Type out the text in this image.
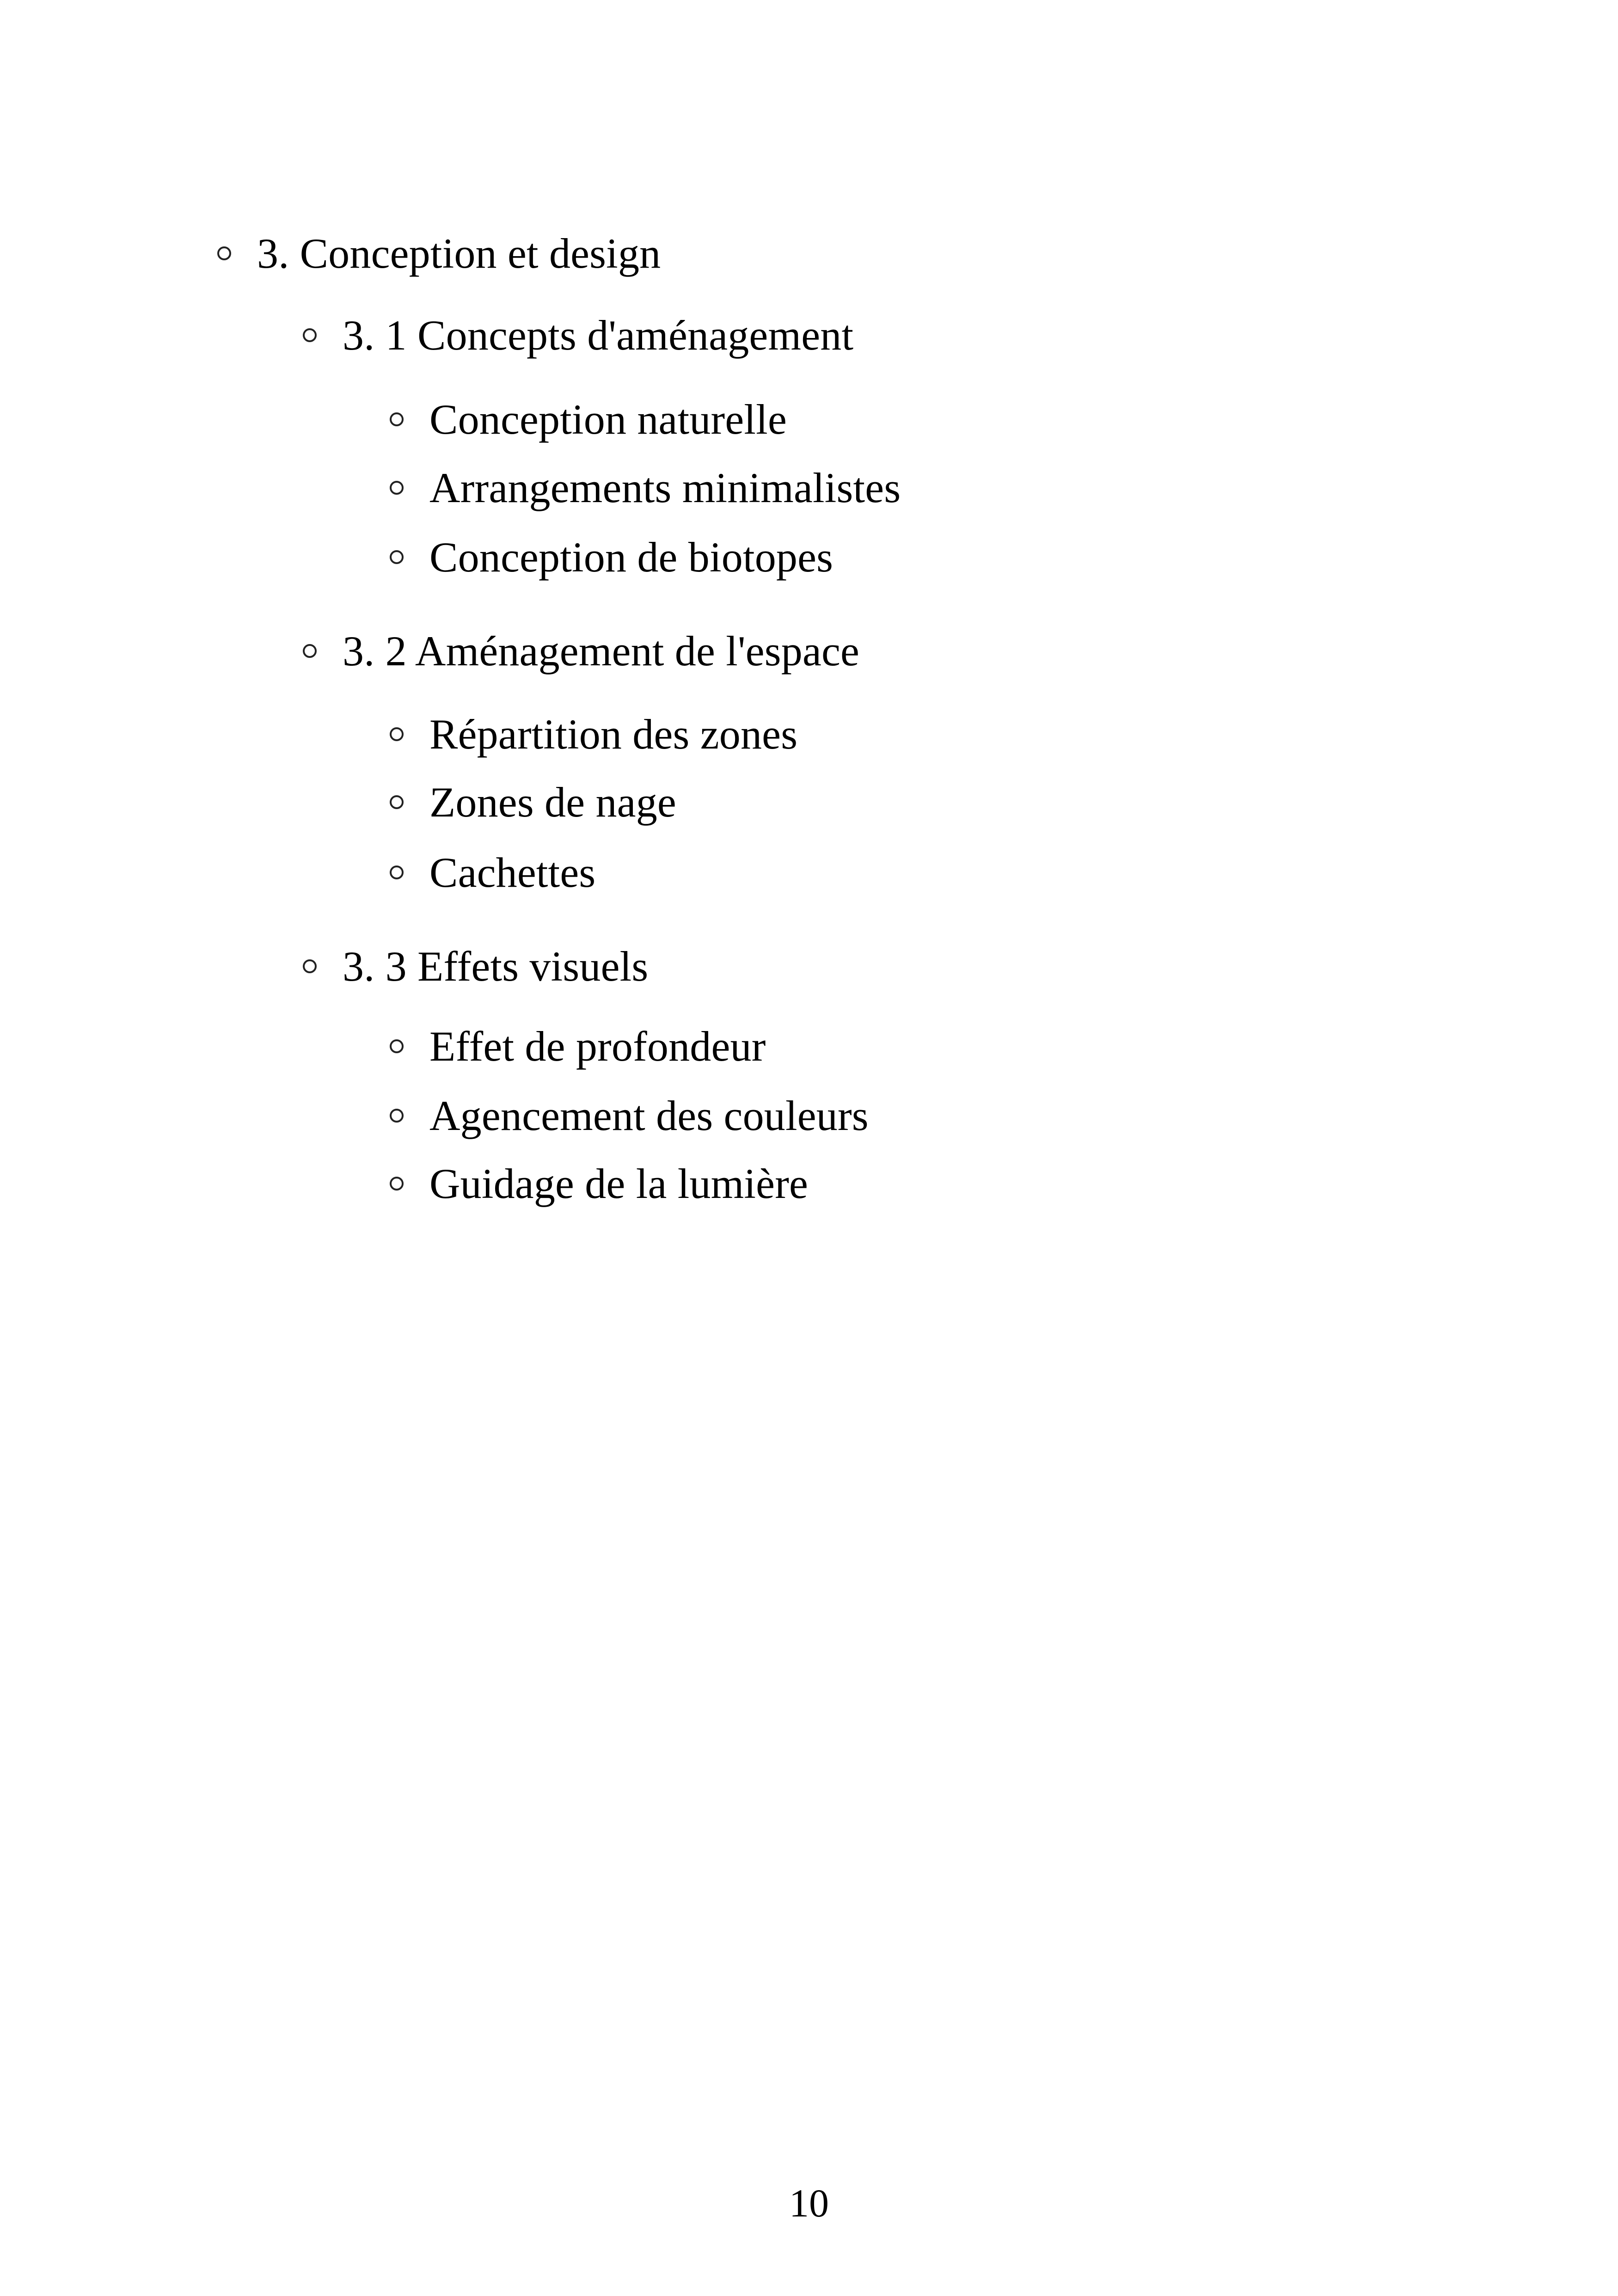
3. Conception et design
3. 1 Concepts d'aménagement
Conception naturelle
Arrangements minimalistes
Conception de biotopes
3. 2 Aménagement de l'espace
Répartition des zones
Zones de nage
Cachettes
3. 3 Effets visuels
Effet de profondeur
Agencement des couleurs
Guidage de la lumière
10
